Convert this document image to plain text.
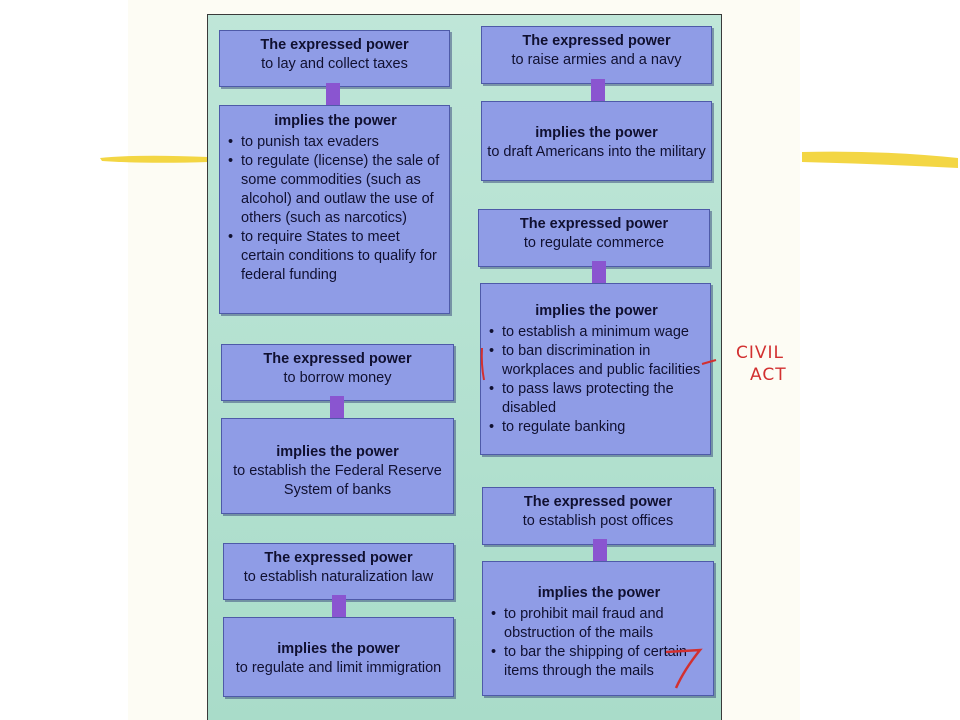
The expressed power
to lay and collect taxes
implies the power
• to punish tax evaders
• to regulate (license) the sale of some commodities (such as alcohol) and outlaw the use of others (such as narcotics)
• to require States to meet certain conditions to qualify for federal funding
The expressed power
to borrow money
implies the power
to establish the Federal Reserve System of banks
The expressed power
to establish naturalization law
implies the power
to regulate and limit immigration
The expressed power
to raise armies and a navy
implies the power
to draft Americans into the military
The expressed power
to regulate commerce
implies the power
• to establish a minimum wage
• to ban discrimination in workplaces and public facilities
• to pass laws protecting the disabled
• to regulate banking
The expressed power
to establish post offices
implies the power
• to prohibit mail fraud and obstruction of the mails
• to bar the shipping of certain items through the mails
CIVIL
ACT
